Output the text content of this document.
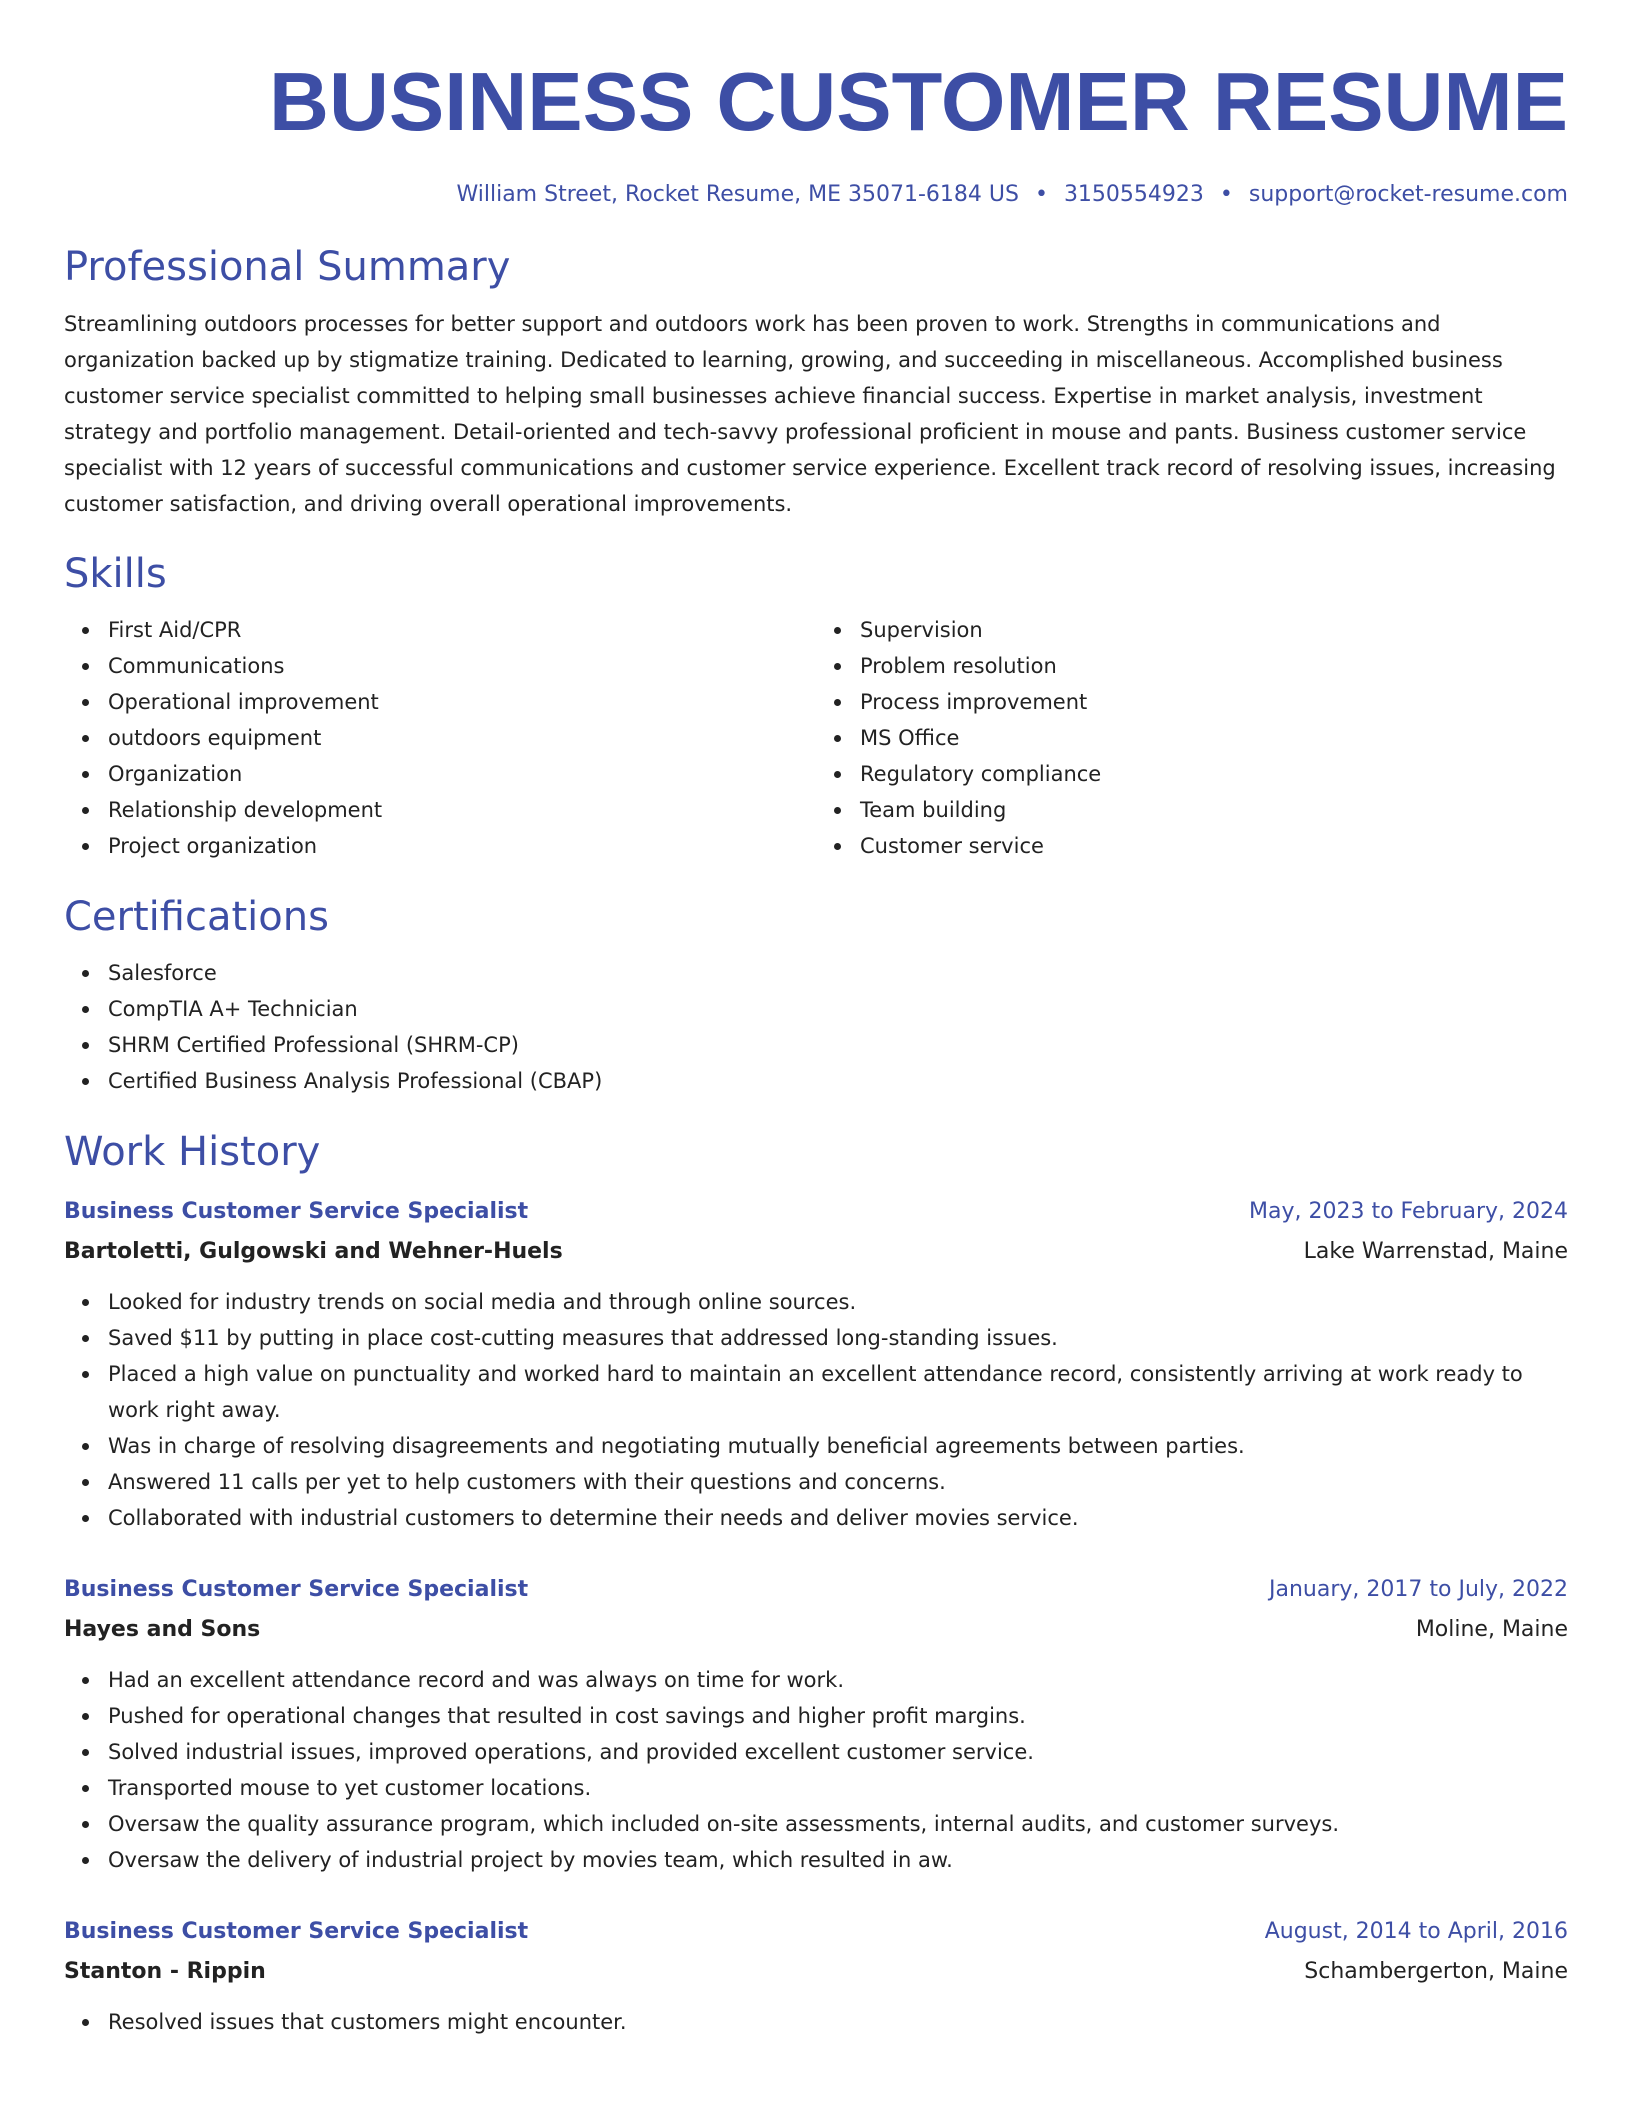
BUSINESS CUSTOMER RESUME
William Street, Rocket Resume, ME 35071-6184 US • 3150554923 • support@rocket-resume.com
Professional Summary
Streamlining outdoors processes for better support and outdoors work has been proven to work. Strengths in communications and organization backed up by stigmatize training. Dedicated to learning, growing, and succeeding in miscellaneous. Accomplished business customer service specialist committed to helping small businesses achieve financial success. Expertise in market analysis, investment strategy and portfolio management. Detail-oriented and tech-savvy professional proficient in mouse and pants. Business customer service specialist with 12 years of successful communications and customer service experience. Excellent track record of resolving issues, increasing customer satisfaction, and driving overall operational improvements.
Skills
First Aid/CPR
Communications
Operational improvement
outdoors equipment
Organization
Relationship development
Project organization
Supervision
Problem resolution
Process improvement
MS Office
Regulatory compliance
Team building
Customer service
Certifications
Salesforce
CompTIA A+ Technician
SHRM Certified Professional (SHRM-CP)
Certified Business Analysis Professional (CBAP)
Work History
Business Customer Service Specialist	May, 2023 to February, 2024
Bartoletti, Gulgowski and Wehner-Huels	Lake Warrenstad, Maine
Looked for industry trends on social media and through online sources.
Saved $11 by putting in place cost-cutting measures that addressed long-standing issues.
Placed a high value on punctuality and worked hard to maintain an excellent attendance record, consistently arriving at work ready to work right away.
Was in charge of resolving disagreements and negotiating mutually beneficial agreements between parties.
Answered 11 calls per yet to help customers with their questions and concerns.
Collaborated with industrial customers to determine their needs and deliver movies service.
Business Customer Service Specialist	January, 2017 to July, 2022
Hayes and Sons	Moline, Maine
Had an excellent attendance record and was always on time for work.
Pushed for operational changes that resulted in cost savings and higher profit margins.
Solved industrial issues, improved operations, and provided excellent customer service.
Transported mouse to yet customer locations.
Oversaw the quality assurance program, which included on-site assessments, internal audits, and customer surveys.
Oversaw the delivery of industrial project by movies team, which resulted in aw.
Business Customer Service Specialist	August, 2014 to April, 2016
Stanton - Rippin	Schambergerton, Maine
Resolved issues that customers might encounter.
